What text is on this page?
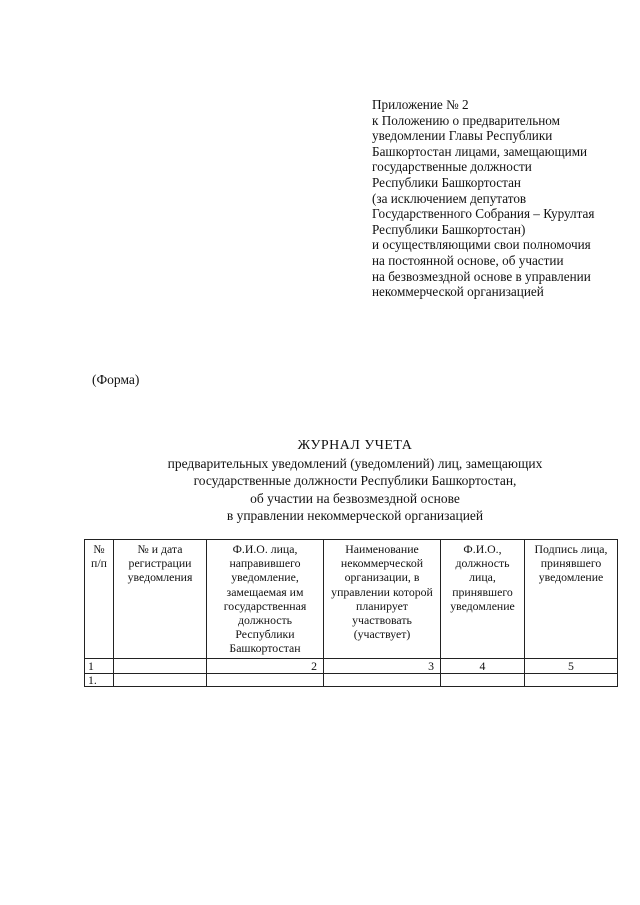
Приложение № 2
к Положению о предварительном
уведомлении Главы Республики
Башкортостан лицами, замещающими
государственные должности
Республики Башкортостан
(за исключением депутатов
Государственного Собрания – Курултая
Республики Башкортостан)
и осуществляющими свои полномочия
на постоянной основе, об участии
на безвозмездной основе в управлении
некоммерческой организацией
(Форма)
ЖУРНАЛ УЧЕТА
предварительных уведомлений (уведомлений) лиц, замещающих
государственные должности Республики Башкортостан,
об участии на безвозмездной основе
в управлении некоммерческой организацией
№ п/п	№ и дата регистрации уведомления	Ф.И.О. лица, направившего уведомление, замещаемая им государственная должность Республики Башкортостан	Наименование некоммерческой организации, в управлении которой планирует участвовать (участвует)	Ф.И.О., должность лица, принявшего уведомление	Подпись лица, принявшего уведомление
1		2	3	4	5
1.					
